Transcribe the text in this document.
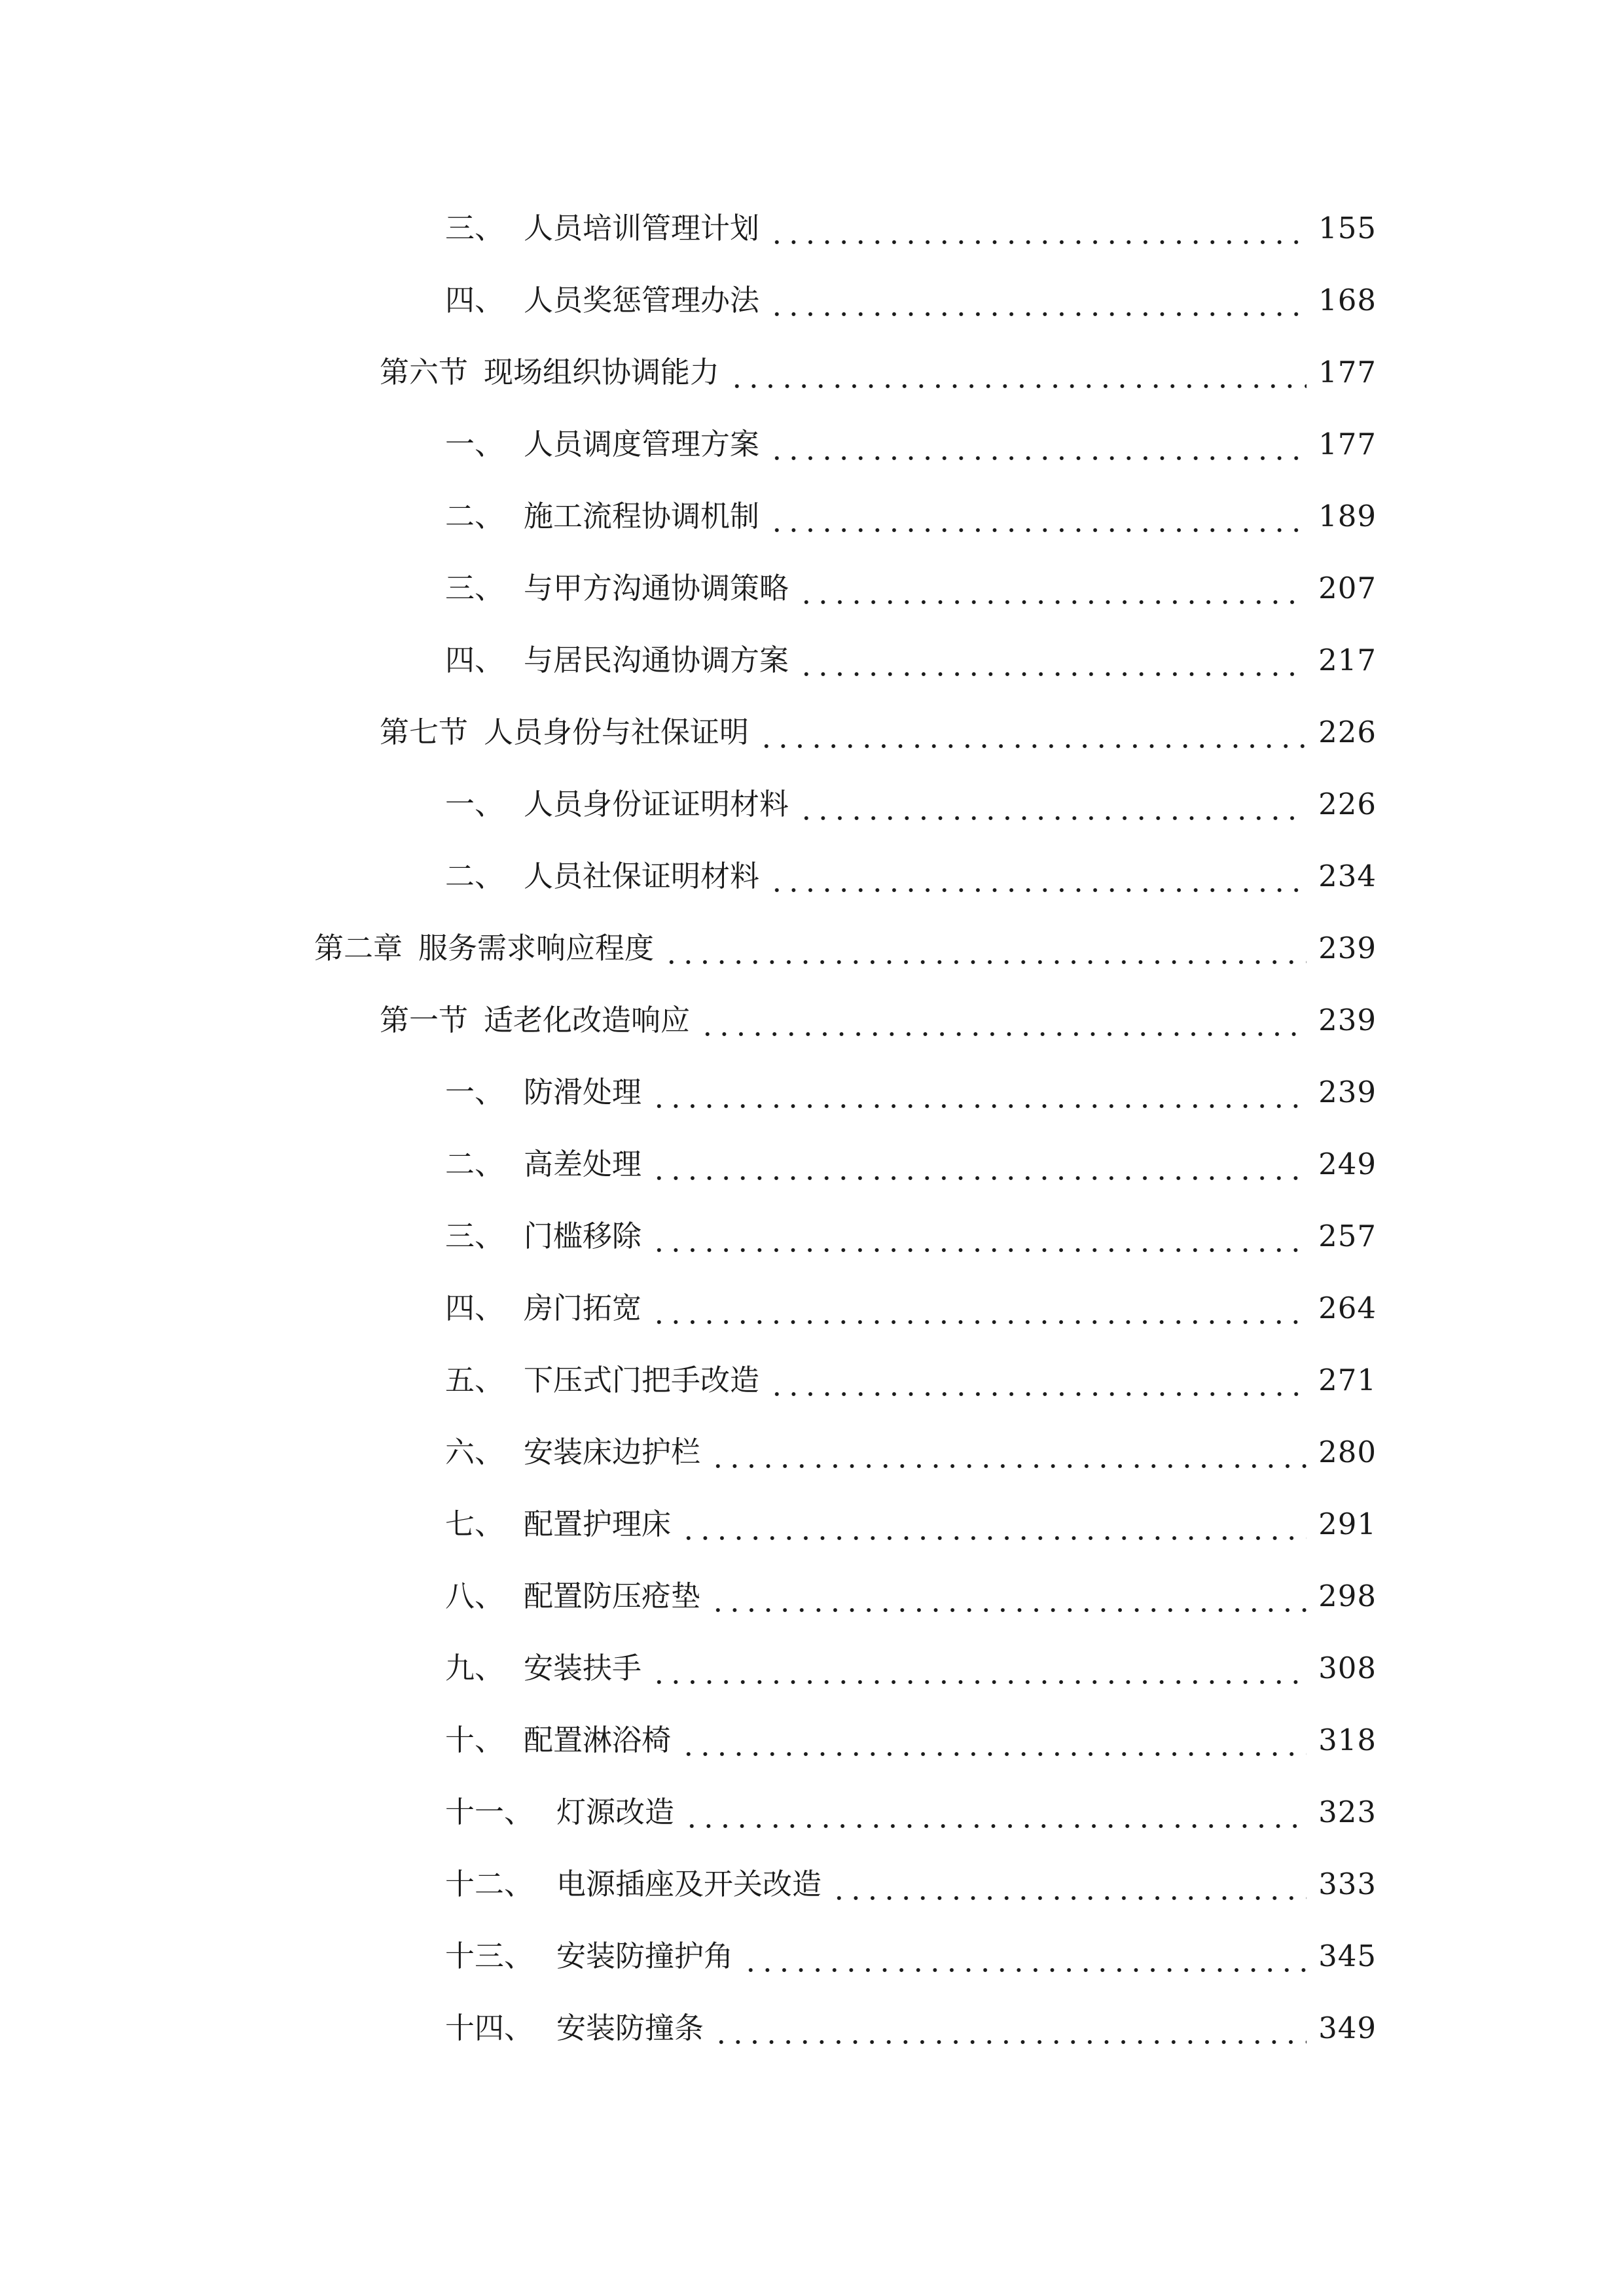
三、 人员培训管理计划	155
四、 人员奖惩管理办法	168
第六节 现场组织协调能力	177
一、 人员调度管理方案	177
二、 施工流程协调机制	189
三、 与甲方沟通协调策略	207
四、 与居民沟通协调方案	217
第七节 人员身份与社保证明	226
一、 人员身份证证明材料	226
二、 人员社保证明材料	234
第二章 服务需求响应程度	239
第一节 适老化改造响应	239
一、 防滑处理	239
二、 高差处理	249
三、 门槛移除	257
四、 房门拓宽	264
五、 下压式门把手改造	271
六、 安装床边护栏	280
七、 配置护理床	291
八、 配置防压疮垫	298
九、 安装扶手	308
十、 配置淋浴椅	318
十一、 灯源改造	323
十二、 电源插座及开关改造	333
十三、 安装防撞护角	345
十四、 安装防撞条	349
